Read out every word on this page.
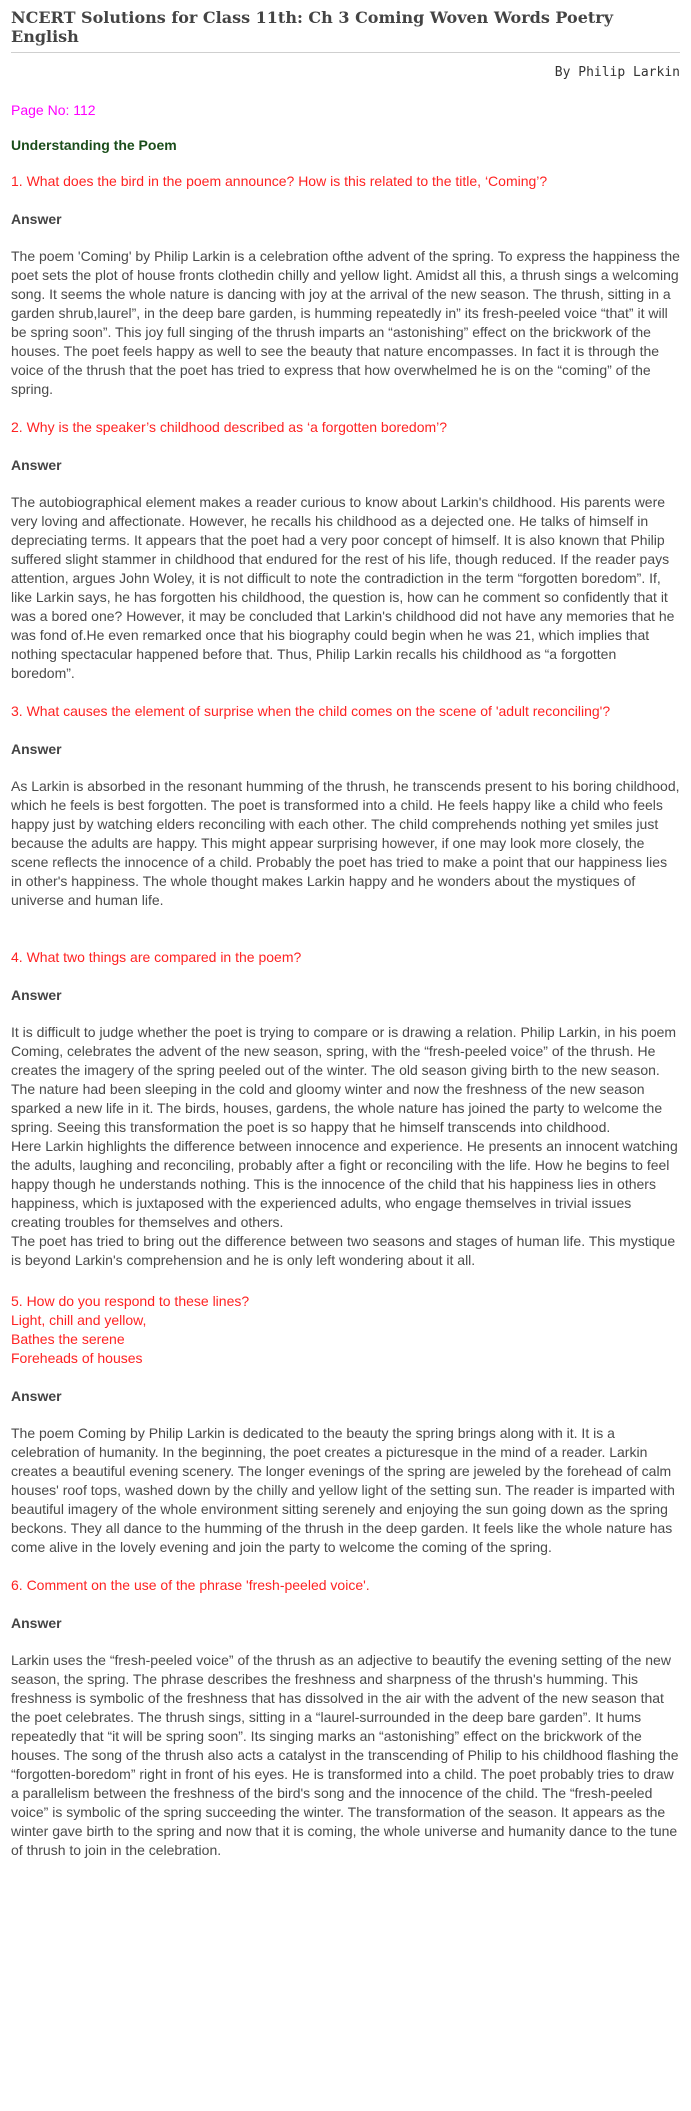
NCERT Solutions for Class 11th: Ch 3 Coming Woven Words Poetry English
By Philip Larkin
Page No: 112
Understanding the Poem
1. What does the bird in the poem announce? How is this related to the title, ‘Coming’?
Answer

The poem 'Coming' by Philip Larkin is a celebration ofthe advent of the spring. To express the happiness the poet sets the plot of house fronts clothedin chilly and yellow light. Amidst all this, a thrush sings a welcoming song. It seems the whole nature is dancing with joy at the arrival of the new season. The thrush, sitting in a garden shrub,laurel”, in the deep bare garden, is humming repeatedly in” its fresh-peeled voice “that” it will be spring soon”. This joy full singing of the thrush imparts an “astonishing” effect on the brickwork of the houses. The poet feels happy as well to see the beauty that nature encompasses. In fact it is through the voice of the thrush that the poet has tried to express that how overwhelmed he is on the “coming” of the spring.

2. Why is the speaker’s childhood described as ‘a forgotten boredom’?
Answer

The autobiographical element makes a reader curious to know about Larkin's childhood. His parents were very loving and affectionate. However, he recalls his childhood as a dejected one. He talks of himself in depreciating terms. It appears that the poet had a very poor concept of himself. It is also known that Philip suffered slight stammer in childhood that endured for the rest of his life, though reduced. If the reader pays attention, argues John Woley, it is not difficult to note the contradiction in the term “forgotten boredom”. If, like Larkin says, he has forgotten his childhood, the question is, how can he comment so confidently that it was a bored one? However, it may be concluded that Larkin's childhood did not have any memories that he was fond of.He even remarked once that his biography could begin when he was 21, which implies that nothing spectacular happened before that. Thus, Philip Larkin recalls his childhood as “a forgotten boredom”.

3. What causes the element of surprise when the child comes on the scene of 'adult reconciling'?
Answer

As Larkin is absorbed in the resonant humming of the thrush, he transcends present to his boring childhood, which he feels is best forgotten. The poet is transformed into a child. He feels happy like a child who feels happy just by watching elders reconciling with each other. The child comprehends nothing yet smiles just because the adults are happy. This might appear surprising however, if one may look more closely, the scene reflects the innocence of a child. Probably the poet has tried to make a point that our happiness lies in other's happiness. The whole thought makes Larkin happy and he wonders about the mystiques of universe and human life.

4. What two things are compared in the poem?
Answer

It is difficult to judge whether the poet is trying to compare or is drawing a relation. Philip Larkin, in his poem Coming, celebrates the advent of the new season, spring, with the “fresh-peeled voice” of the thrush. He creates the imagery of the spring peeled out of the winter. The old season giving birth to the new season. The nature had been sleeping in the cold and gloomy winter and now the freshness of the new season sparked a new life in it. The birds, houses, gardens, the whole nature has joined the party to welcome the spring. Seeing this transformation the poet is so happy that he himself transcends into childhood.

Here Larkin highlights the difference between innocence and experience. He presents an innocent watching the adults, laughing and reconciling, probably after a fight or reconciling with the life. How he begins to feel happy though he understands nothing. This is the innocence of the child that his happiness lies in others happiness, which is juxtaposed with the experienced adults, who engage themselves in trivial issues creating troubles for themselves and others.

The poet has tried to bring out the difference between two seasons and stages of human life. This mystique is beyond Larkin's comprehension and he is only left wondering about it all.

5. How do you respond to these lines?
Light, chill and yellow,
Bathes the serene
Foreheads of houses
Answer

The poem Coming by Philip Larkin is dedicated to the beauty the spring brings along with it. It is a celebration of humanity. In the beginning, the poet creates a picturesque in the mind of a reader. Larkin creates a beautiful evening scenery. The longer evenings of the spring are jeweled by the forehead of calm houses' roof tops, washed down by the chilly and yellow light of the setting sun. The reader is imparted with beautiful imagery of the whole environment sitting serenely and enjoying the sun going down as the spring beckons. They all dance to the humming of the thrush in the deep garden. It feels like the whole nature has come alive in the lovely evening and join the party to welcome the coming of the spring.

6. Comment on the use of the phrase 'fresh-peeled voice'.
Answer

Larkin uses the “fresh-peeled voice” of the thrush as an adjective to beautify the evening setting of the new season, the spring. The phrase describes the freshness and sharpness of the thrush's humming. This freshness is symbolic of the freshness that has dissolved in the air with the advent of the new season that the poet celebrates. The thrush sings, sitting in a “laurel-surrounded in the deep bare garden”. It hums repeatedly that “it will be spring soon”. Its singing marks an “astonishing” effect on the brickwork of the houses. The song of the thrush also acts a catalyst in the transcending of Philip to his childhood flashing the “forgotten-boredom” right in front of his eyes. He is transformed into a child. The poet probably tries to draw a parallelism between the freshness of the bird's song and the innocence of the child. The “fresh-peeled voice” is symbolic of the spring succeeding the winter. The transformation of the season. It appears as the winter gave birth to the spring and now that it is coming, the whole universe and humanity dance to the tune of thrush to join in the celebration.
